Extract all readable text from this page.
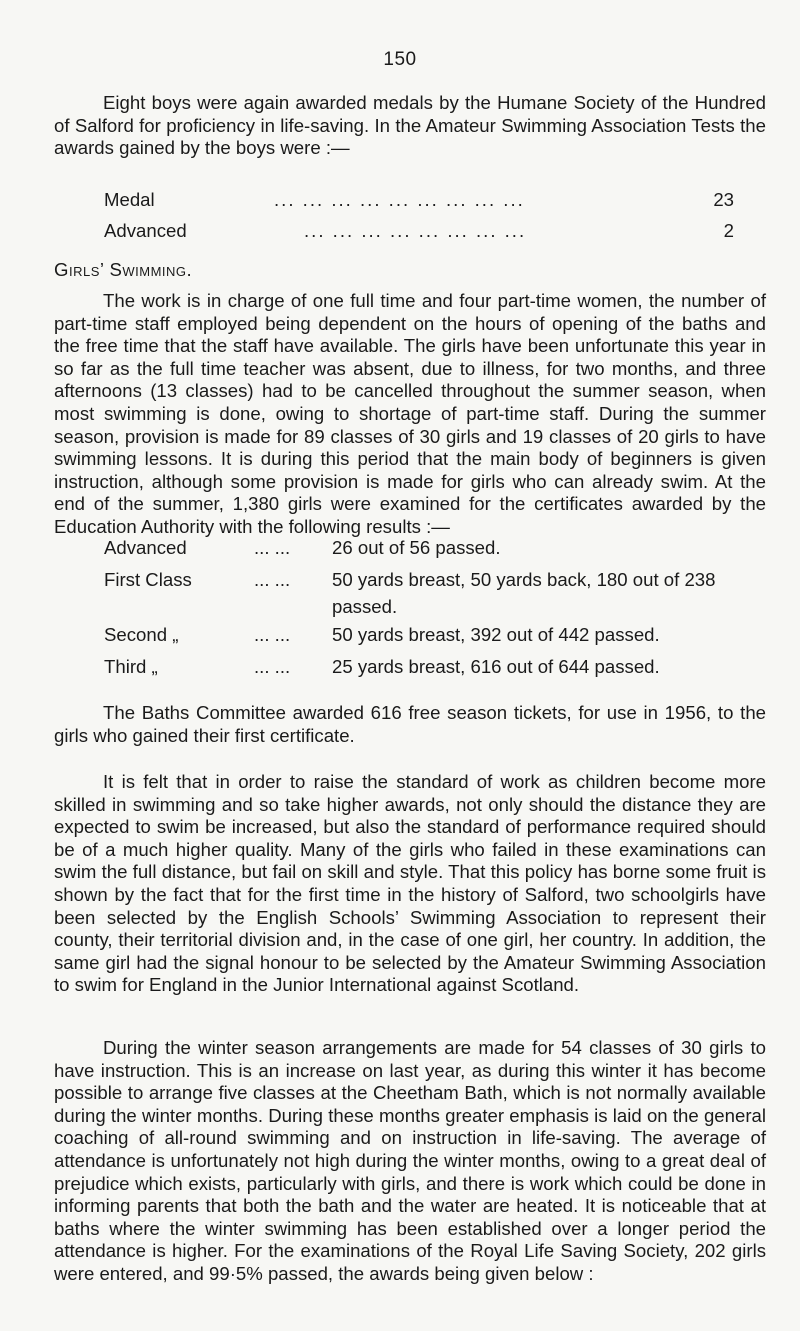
150

Eight boys were again awarded medals by the Humane Society of the Hundred of Salford for proficiency in life-saving. In the Amateur Swimming Association Tests the awards gained by the boys were :—

Medal	... ... ... ... ... ... ... ... ...	23
Advanced	... ... ... ... ... ... ... ...	2
Girls’ Swimming.

The work is in charge of one full time and four part-time women, the number of part-time staff employed being dependent on the hours of opening of the baths and the free time that the staff have available. The girls have been unfortunate this year in so far as the full time teacher was absent, due to illness, for two months, and three afternoons (13 classes) had to be cancelled throughout the summer season, when most swimming is done, owing to shortage of part-time staff. During the summer season, provision is made for 89 classes of 30 girls and 19 classes of 20 girls to have swimming lessons. It is during this period that the main body of beginners is given instruction, although some provision is made for girls who can already swim. At the end of the summer, 1,380 girls were examined for the certificates awarded by the Education Authority with the following results :—

Advanced	... ... 26 out of 56 passed.
First Class	... ... 50 yards breast, 50 yards back, 180 out of 238 passed.
Second „	... ... 50 yards breast, 392 out of 442 passed.
Third „	... ... 25 yards breast, 616 out of 644 passed.

The Baths Committee awarded 616 free season tickets, for use in 1956, to the girls who gained their first certificate.

It is felt that in order to raise the standard of work as children become more skilled in swimming and so take higher awards, not only should the distance they are expected to swim be increased, but also the standard of performance required should be of a much higher quality. Many of the girls who failed in these examinations can swim the full distance, but fail on skill and style. That this policy has borne some fruit is shown by the fact that for the first time in the history of Salford, two schoolgirls have been selected by the English Schools’ Swimming Association to represent their county, their territorial division and, in the case of one girl, her country. In addition, the same girl had the signal honour to be selected by the Amateur Swimming Association to swim for England in the Junior International against Scotland.

During the winter season arrangements are made for 54 classes of 30 girls to have instruction. This is an increase on last year, as during this winter it has become possible to arrange five classes at the Cheetham Bath, which is not normally available during the winter months. During these months greater emphasis is laid on the general coaching of all-round swimming and on instruction in life-saving. The average of attendance is unfortunately not high during the winter months, owing to a great deal of prejudice which exists, particularly with girls, and there is work which could be done in informing parents that both the bath and the water are heated. It is noticeable that at baths where the winter swimming has been established over a longer period the attendance is higher. For the examinations of the Royal Life Saving Society, 202 girls were entered, and 99·5% passed, the awards being given below :
